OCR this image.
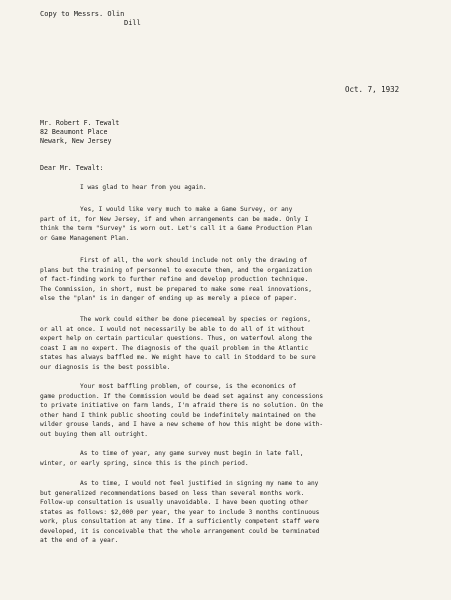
Copy to Messrs. Olin
Dill
Oct. 7, 1932
Mr. Robert F. Tewalt
82 Beaumont Place
Newark, New Jersey
Dear Mr. Tewalt:
I was glad to hear from you again.
Yes, I would like very much to make a Game Survey, or any
part of it, for New Jersey, if and when arrangements can be made. Only I
think the term "Survey" is worn out. Let's call it a Game Production Plan
or Game Management Plan.
First of all, the work should include not only the drawing of
plans but the training of personnel to execute them, and the organization
of fact-finding work to further refine and develop production technique.
The Commission, in short, must be prepared to make some real innovations,
else the "plan" is in danger of ending up as merely a piece of paper.
The work could either be done piecemeal by species or regions,
or all at once. I would not necessarily be able to do all of it without
expert help on certain particular questions. Thus, on waterfowl along the
coast I am no expert. The diagnosis of the quail problem in the Atlantic
states has always baffled me. We might have to call in Stoddard to be sure
our diagnosis is the best possible.
Your most baffling problem, of course, is the economics of
game production. If the Commission would be dead set against any concessions
to private initiative on farm lands, I'm afraid there is no solution. On the
other hand I think public shooting could be indefinitely maintained on the
wilder grouse lands, and I have a new scheme of how this might be done with-
out buying them all outright.
As to time of year, any game survey must begin in late fall,
winter, or early spring, since this is the pinch period.
As to time, I would not feel justified in signing my name to any
but generalized recommendations based on less than several months work.
Follow-up consultation is usually unavoidable. I have been quoting other
states as follows: $2,000 per year, the year to include 3 months continuous
work, plus consultation at any time. If a sufficiently competent staff were
developed, it is conceivable that the whole arrangement could be terminated
at the end of a year.
